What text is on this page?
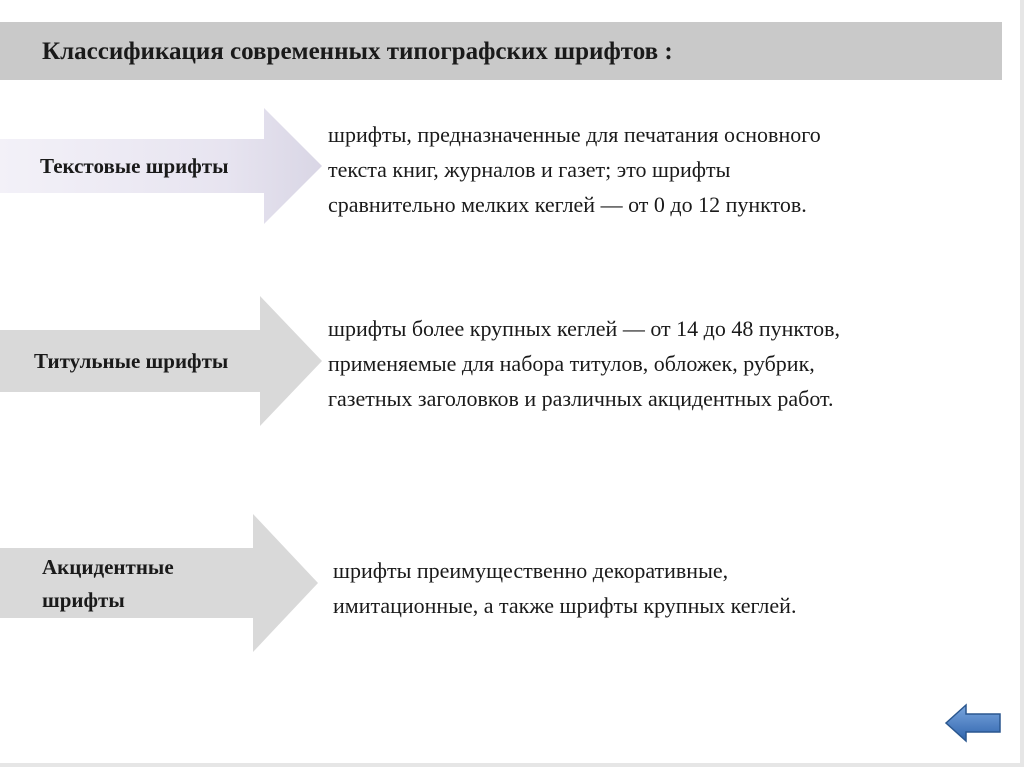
Классификация современных типографских шрифтов :
Текстовые шрифты
шрифты, предназначенные для печатания основного
текста книг, журналов и газет; это шрифты
сравнительно мелких кеглей — от 0 до 12 пунктов.
Титульные шрифты
шрифты более крупных кеглей — от 14 до 48 пунктов,
применяемые для набора титулов, обложек, рубрик,
газетных заголовков и различных акцидентных работ.
Акцидентные
шрифты
шрифты преимущественно декоративные,
имитационные, а также шрифты крупных кеглей.
